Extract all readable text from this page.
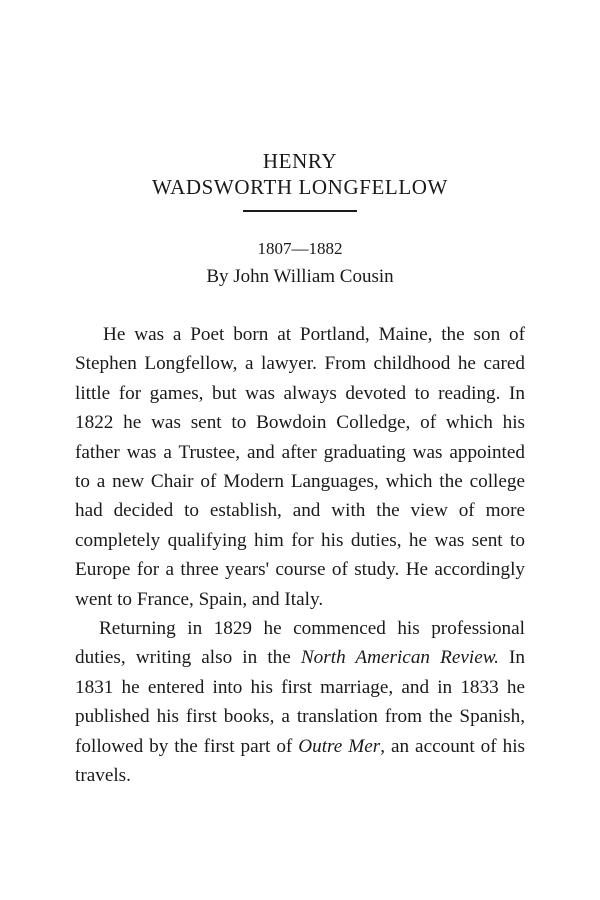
HENRY
WADSWORTH LONGFELLOW
1807—1882
By John William Cousin

He was a Poet born at Portland, Maine, the son of Stephen Longfellow, a lawyer. From childhood he cared little for games, but was always devoted to reading. In 1822 he was sent to Bowdoin Colledge, of which his father was a Trustee, and after graduating was appointed to a new Chair of Modern Languages, which the college had decided to establish, and with the view of more completely qualifying him for his duties, he was sent to Europe for a three years' course of study. He accordingly went to France, Spain, and Italy.

Returning in 1829 he commenced his professional duties, writing also in the North American Review. In 1831 he entered into his first marriage, and in 1833 he published his first books, a translation from the Spanish, followed by the first part of Outre Mer, an account of his travels.
